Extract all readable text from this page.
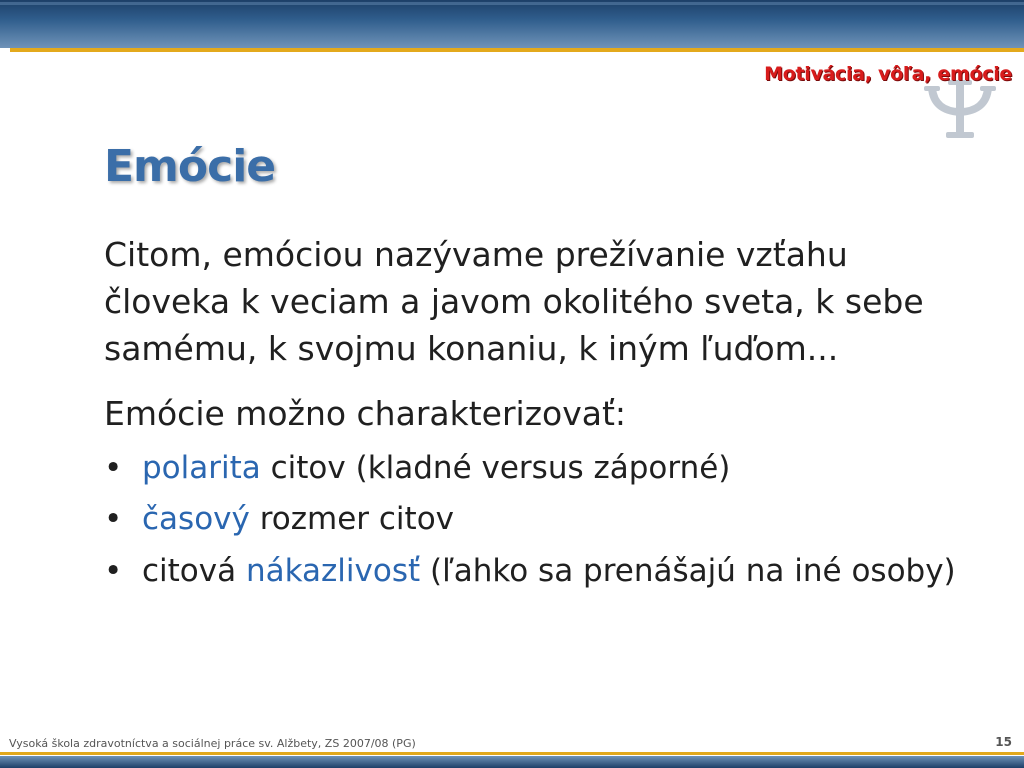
Motivácia, vôľa, emócie
Emócie

Citom, emóciou nazývame prežívanie vzťahu človeka k veciam a javom okolitého sveta, k sebe samému, k svojmu konaniu, k iným ľuďom...

Emócie možno charakterizovať:

• polarita citov (kladné versus záporné)
• časový rozmer citov
• citová nákazlivosť (ľahko sa prenášajú na iné osoby)
Vysoká škola zdravotníctva a sociálnej práce sv. Alžbety, ZS 2007/08 (PG)	15
